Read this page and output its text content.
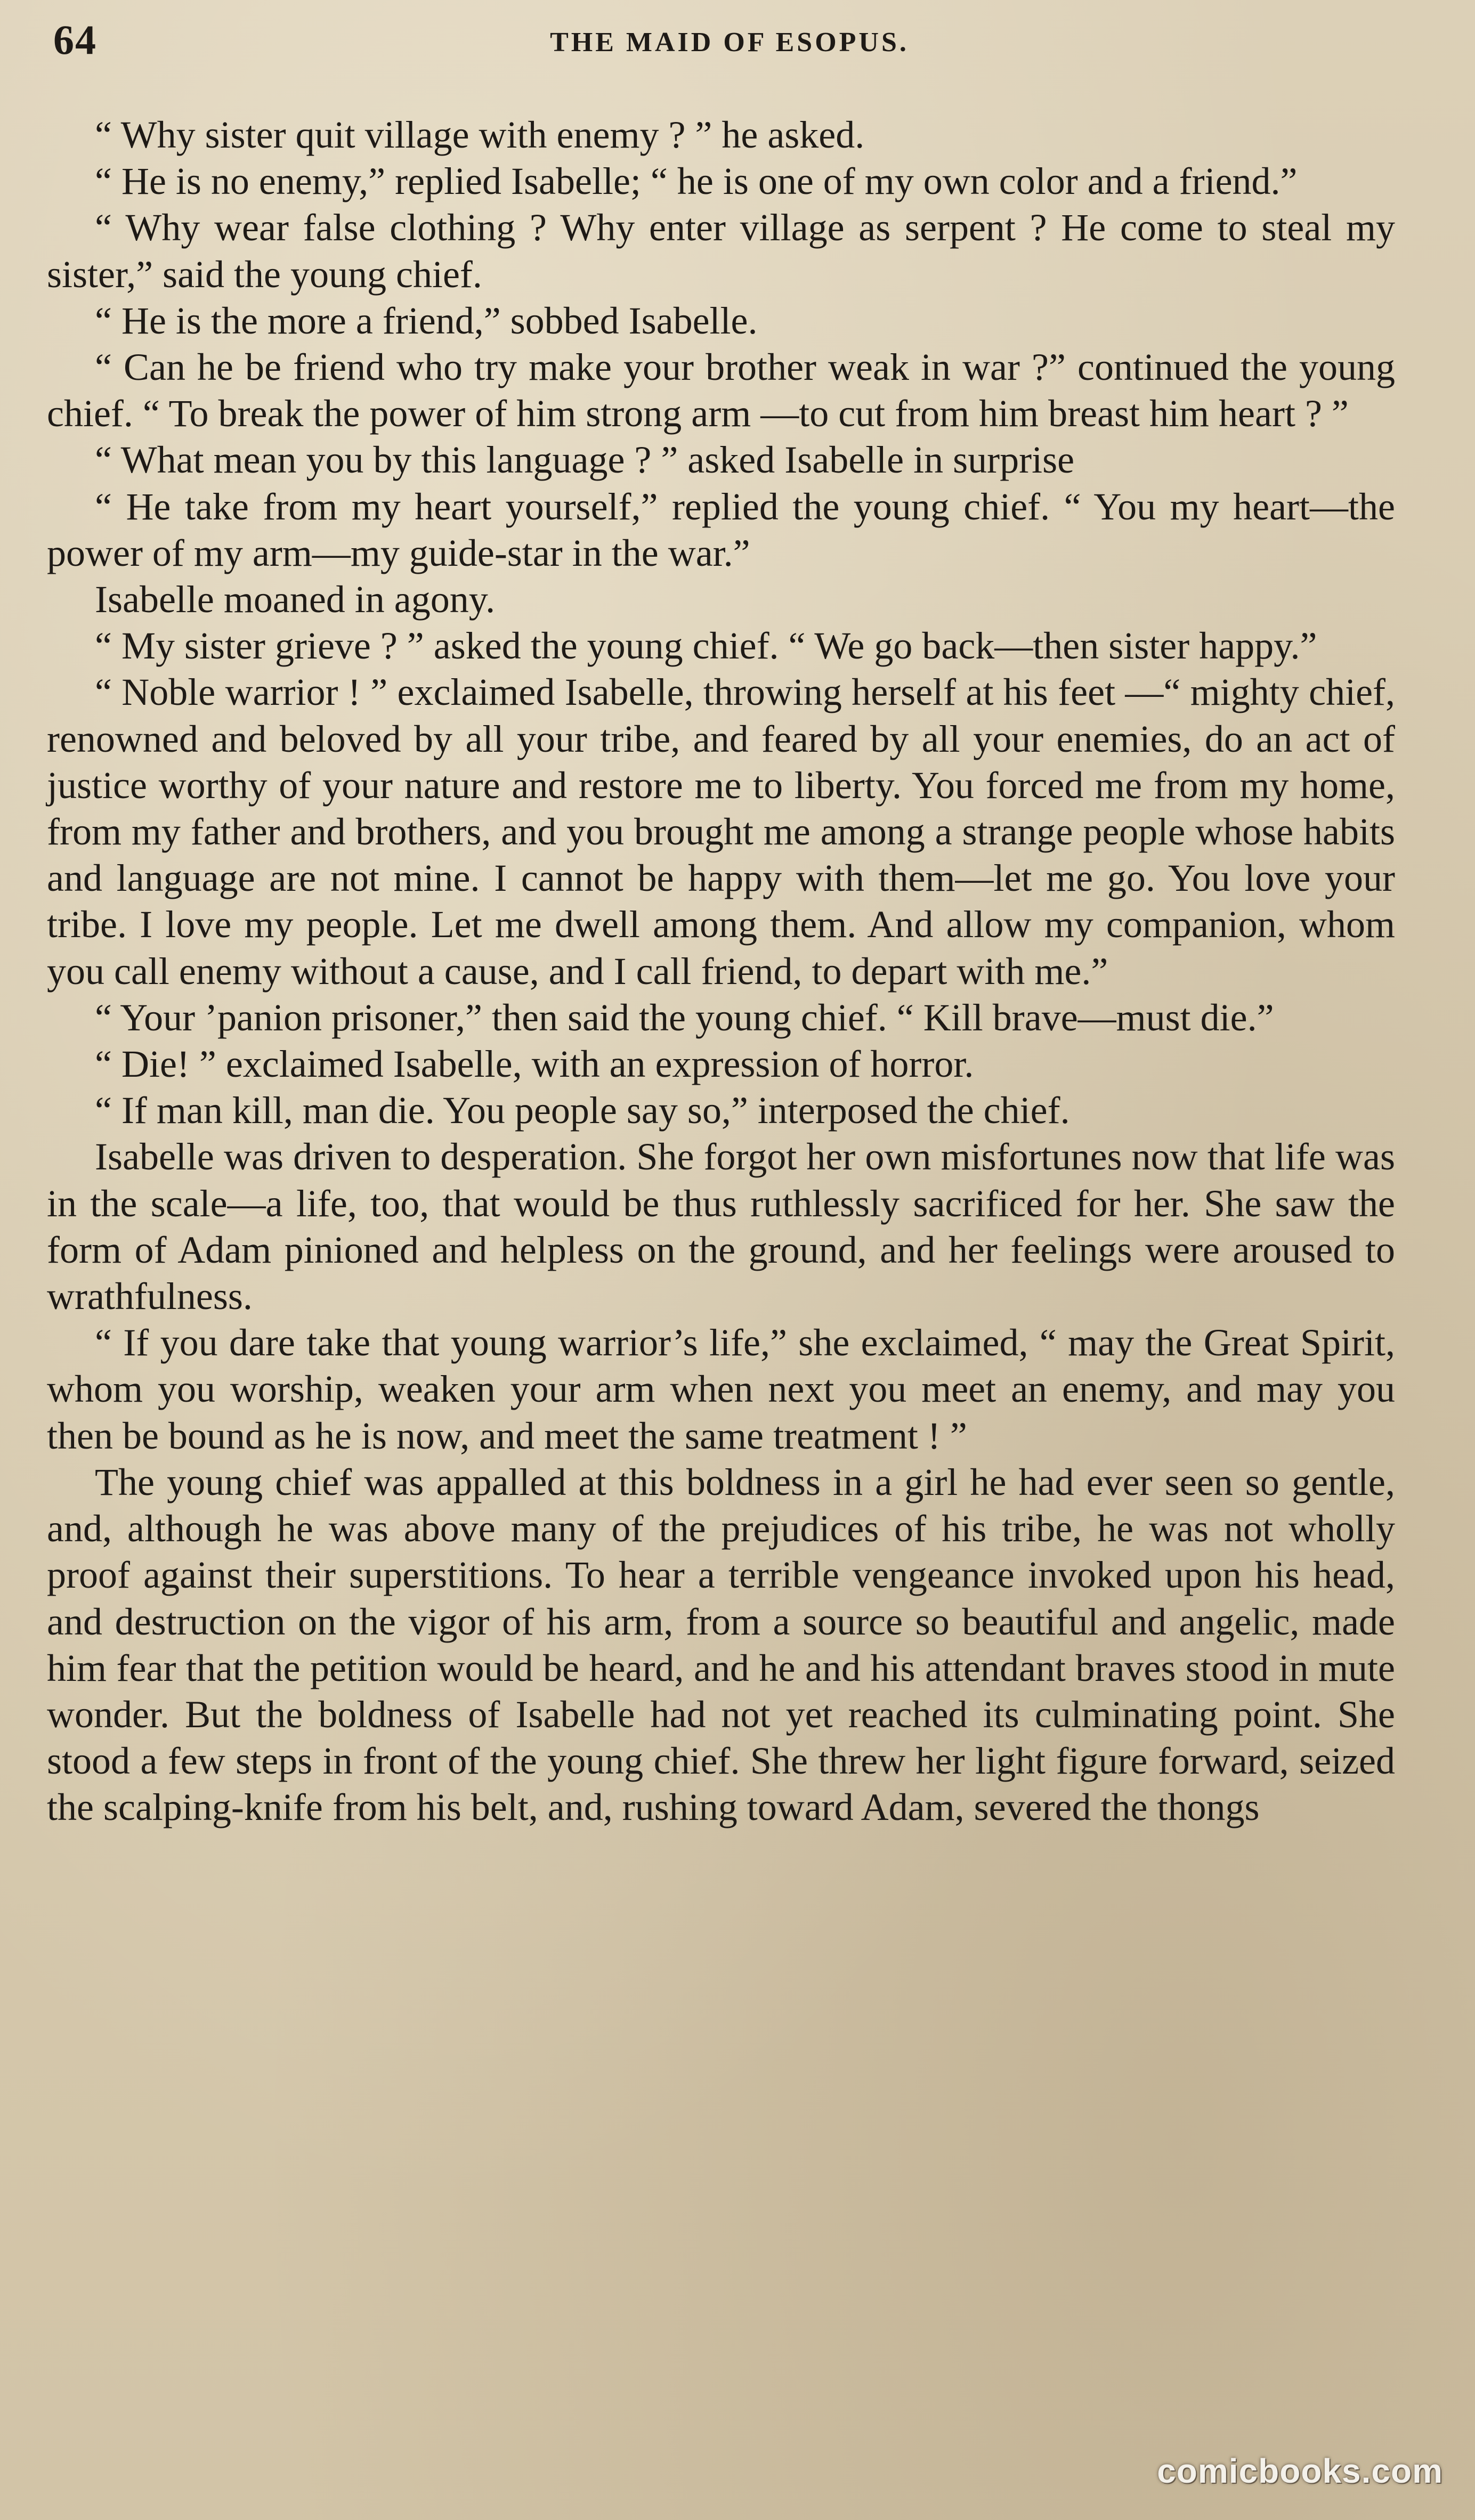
64	THE MAID OF ESOPUS.

“ Why sister quit village with enemy ? ” he asked.

“ He is no enemy,” replied Isabelle; “ he is one of my own color and a friend.”

“ Why wear false clothing ? Why enter village as serpent ? He come to steal my sister,” said the young chief.

“ He is the more a friend,” sobbed Isabelle.

“ Can he be friend who try make your brother weak in war ?” continued the young chief. “ To break the power of him strong arm —to cut from him breast him heart ? ”

“ What mean you by this language ? ” asked Isabelle in surprise

“ He take from my heart yourself,” replied the young chief. “ You my heart—the power of my arm—my guide-star in the war.”

Isabelle moaned in agony.

“ My sister grieve ? ” asked the young chief. “ We go back—then sister happy.”

“ Noble warrior ! ” exclaimed Isabelle, throwing herself at his feet —“ mighty chief, renowned and beloved by all your tribe, and feared by all your enemies, do an act of justice worthy of your nature and restore me to liberty. You forced me from my home, from my father and brothers, and you brought me among a strange people whose habits and language are not mine. I cannot be happy with them—let me go. You love your tribe. I love my people. Let me dwell among them. And allow my companion, whom you call enemy without a cause, and I call friend, to depart with me.”

“ Your ’panion prisoner,” then said the young chief. “ Kill brave—must die.”

“ Die! ” exclaimed Isabelle, with an expression of horror.

“ If man kill, man die. You people say so,” interposed the chief.

Isabelle was driven to desperation. She forgot her own misfortunes now that life was in the scale—a life, too, that would be thus ruthlessly sacrificed for her. She saw the form of Adam pinioned and helpless on the ground, and her feelings were aroused to wrathfulness.

“ If you dare take that young warrior’s life,” she exclaimed, “ may the Great Spirit, whom you worship, weaken your arm when next you meet an enemy, and may you then be bound as he is now, and meet the same treatment ! ”

The young chief was appalled at this boldness in a girl he had ever seen so gentle, and, although he was above many of the prejudices of his tribe, he was not wholly proof against their superstitions. To hear a terrible vengeance invoked upon his head, and destruction on the vigor of his arm, from a source so beautiful and angelic, made him fear that the petition would be heard, and he and his attendant braves stood in mute wonder. But the boldness of Isabelle had not yet reached its culminating point. She stood a few steps in front of the young chief. She threw her light figure forward, seized the scalping-knife from his belt, and, rushing toward Adam, severed the thongs

comicbooks.com
